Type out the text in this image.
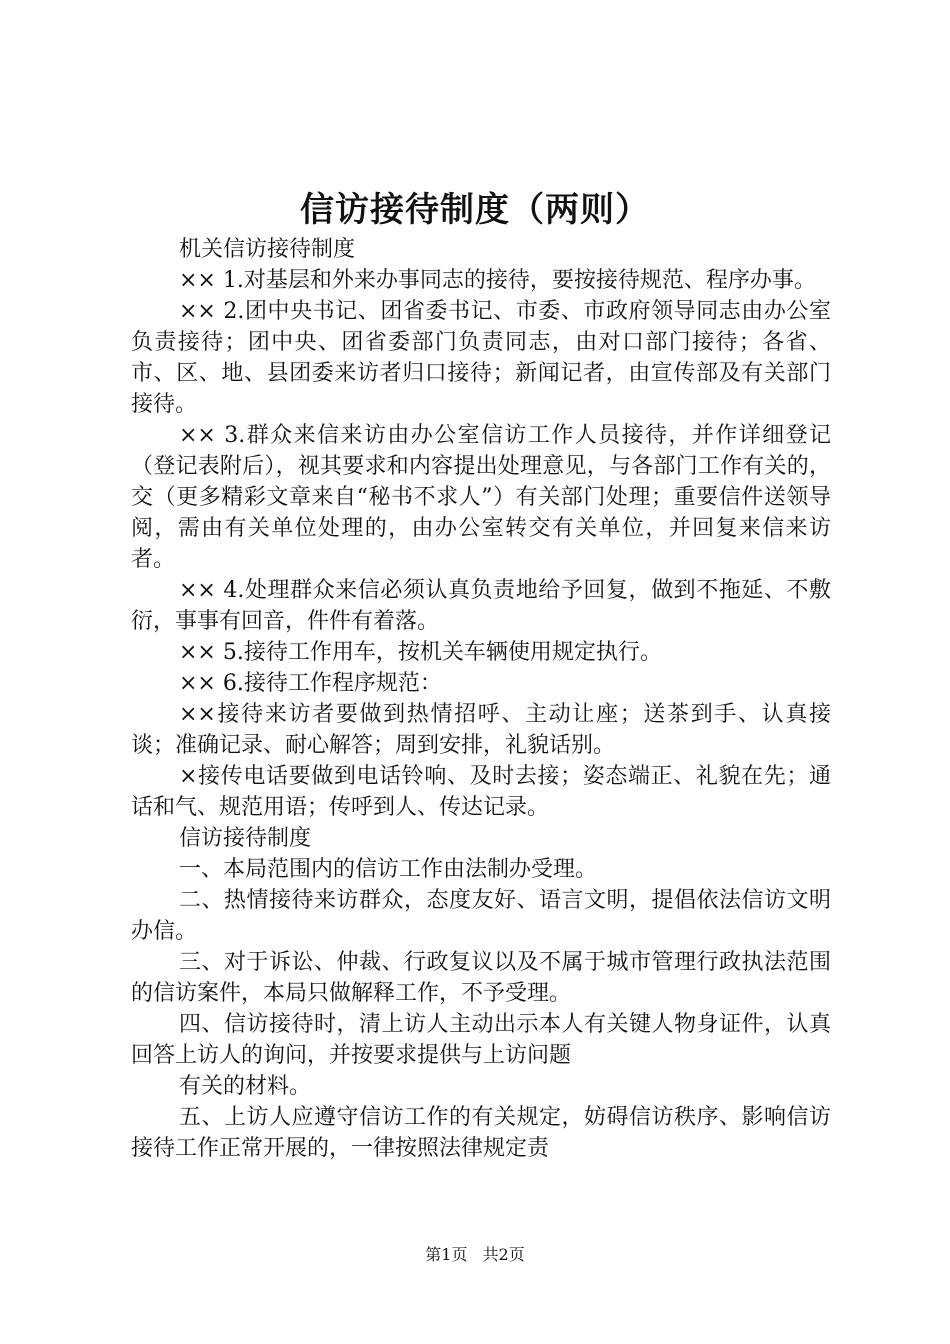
信访接待制度（两则）

机关信访接待制度

×× 1.对基层和外来办事同志的接待，要按接待规范、程序办事。

×× 2.团中央书记、团省委书记、市委、市政府领导同志由办公室负责接待；团中央、团省委部门负责同志，由对口部门接待；各省、市、区、地、县团委来访者归口接待；新闻记者，由宣传部及有关部门接待。

×× 3.群众来信来访由办公室信访工作人员接待，并作详细登记（登记表附后），视其要求和内容提出处理意见，与各部门工作有关的，交（更多精彩文章来自“秘书不求人”）有关部门处理；重要信件送领导阅，需由有关单位处理的，由办公室转交有关单位，并回复来信来访者。

×× 4.处理群众来信必须认真负责地给予回复，做到不拖延、不敷衍，事事有回音，件件有着落。

×× 5.接待工作用车，按机关车辆使用规定执行。

×× 6.接待工作程序规范：

××接待来访者要做到热情招呼、主动让座；送茶到手、认真接谈；准确记录、耐心解答；周到安排，礼貌话别。

×接传电话要做到电话铃响、及时去接；姿态端正、礼貌在先；通话和气、规范用语；传呼到人、传达记录。

信访接待制度

一、本局范围内的信访工作由法制办受理。

二、热情接待来访群众，态度友好、语言文明，提倡依法信访文明办信。

三、对于诉讼、仲裁、行政复议以及不属于城市管理行政执法范围的信访案件，本局只做解释工作，不予受理。

四、信访接待时，清上访人主动出示本人有关键人物身证件，认真回答上访人的询问，并按要求提供与上访问题

有关的材料。

五、上访人应遵守信访工作的有关规定，妨碍信访秩序、影响信访接待工作正常开展的，一律按照法律规定责

第1页 共2页
